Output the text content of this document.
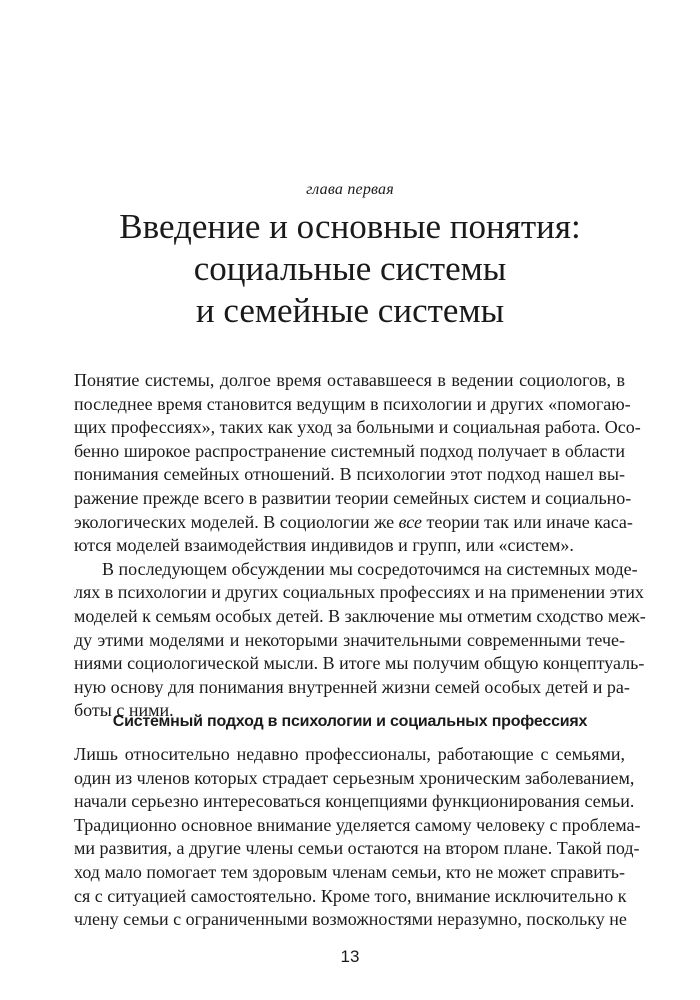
глава первая
Введение и основные понятия:
социальные системы
и семейные системы
Понятие системы, долгое время остававшееся в ведении социологов, в
последнее время становится ведущим в психологии и других «помогаю-
щих профессиях», таких как уход за больными и социальная работа. Осо-
бенно широкое распространение системный подход получает в области
понимания семейных отношений. В психологии этот подход нашел вы-
ражение прежде всего в развитии теории семейных систем и социально-
экологических моделей. В социологии же все теории так или иначе каса-
ются моделей взаимодействия индивидов и групп, или «систем».
В последующем обсуждении мы сосредоточимся на системных моде-
лях в психологии и других социальных профессиях и на применении этих
моделей к семьям особых детей. В заключение мы отметим сходство меж-
ду этими моделями и некоторыми значительными современными тече-
ниями социологической мысли. В итоге мы получим общую концептуаль-
ную основу для понимания внутренней жизни семей особых детей и ра-
боты с ними.
Системный подход в психологии и социальных профессиях
Лишь относительно недавно профессионалы, работающие с семьями,
один из членов которых страдает серьезным хроническим заболеванием,
начали серьезно интересоваться концепциями функционирования семьи.
Традиционно основное внимание уделяется самому человеку с проблема-
ми развития, а другие члены семьи остаются на втором плане. Такой под-
ход мало помогает тем здоровым членам семьи, кто не может справить-
ся с ситуацией самостоятельно. Кроме того, внимание исключительно к
члену семьи с ограниченными возможностями неразумно, поскольку не
13
